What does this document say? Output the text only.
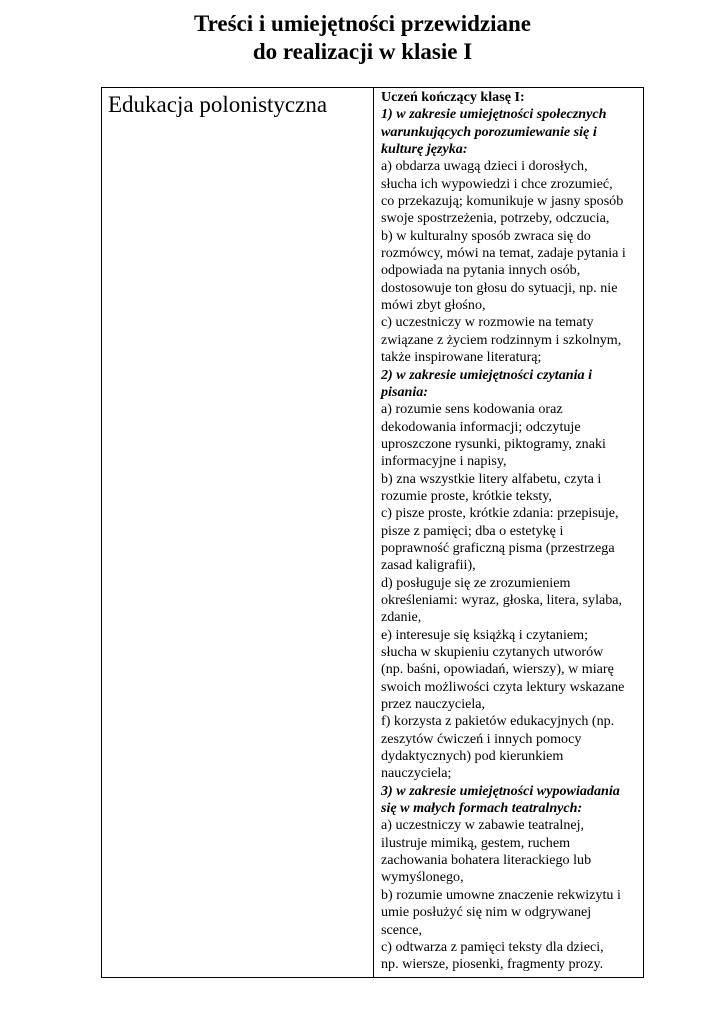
Treści i umiejętności przewidziane
do realizacji w klasie I
Edukacja polonistyczna	Uczeń kończący klasę I:
1) w zakresie umiejętności społecznych
warunkujących porozumiewanie się i
kulturę języka:
a) obdarza uwagą dzieci i dorosłych,
słucha ich wypowiedzi i chce zrozumieć,
co przekazują; komunikuje w jasny sposób
swoje spostrzeżenia, potrzeby, odczucia,
b) w kulturalny sposób zwraca się do
rozmówcy, mówi na temat, zadaje pytania i
odpowiada na pytania innych osób,
dostosowuje ton głosu do sytuacji, np. nie
mówi zbyt głośno,
c) uczestniczy w rozmowie na tematy
związane z życiem rodzinnym i szkolnym,
także inspirowane literaturą;
2) w zakresie umiejętności czytania i
pisania:
a) rozumie sens kodowania oraz
dekodowania informacji; odczytuje
uproszczone rysunki, piktogramy, znaki
informacyjne i napisy,
b) zna wszystkie litery alfabetu, czyta i
rozumie proste, krótkie teksty,
c) pisze proste, krótkie zdania: przepisuje,
pisze z pamięci; dba o estetykę i
poprawność graficzną pisma (przestrzega
zasad kaligrafii),
d) posługuje się ze zrozumieniem
określeniami: wyraz, głoska, litera, sylaba,
zdanie,
e) interesuje się książką i czytaniem;
słucha w skupieniu czytanych utworów
(np. baśni, opowiadań, wierszy), w miarę
swoich możliwości czyta lektury wskazane
przez nauczyciela,
f) korzysta z pakietów edukacyjnych (np.
zeszytów ćwiczeń i innych pomocy
dydaktycznych) pod kierunkiem
nauczyciela;
3) w zakresie umiejętności wypowiadania
się w małych formach teatralnych:
a) uczestniczy w zabawie teatralnej,
ilustruje mimiką, gestem, ruchem
zachowania bohatera literackiego lub
wymyślonego,
b) rozumie umowne znaczenie rekwizytu i
umie posłużyć się nim w odgrywanej
scence,
c) odtwarza z pamięci teksty dla dzieci,
np. wiersze, piosenki, fragmenty prozy.
